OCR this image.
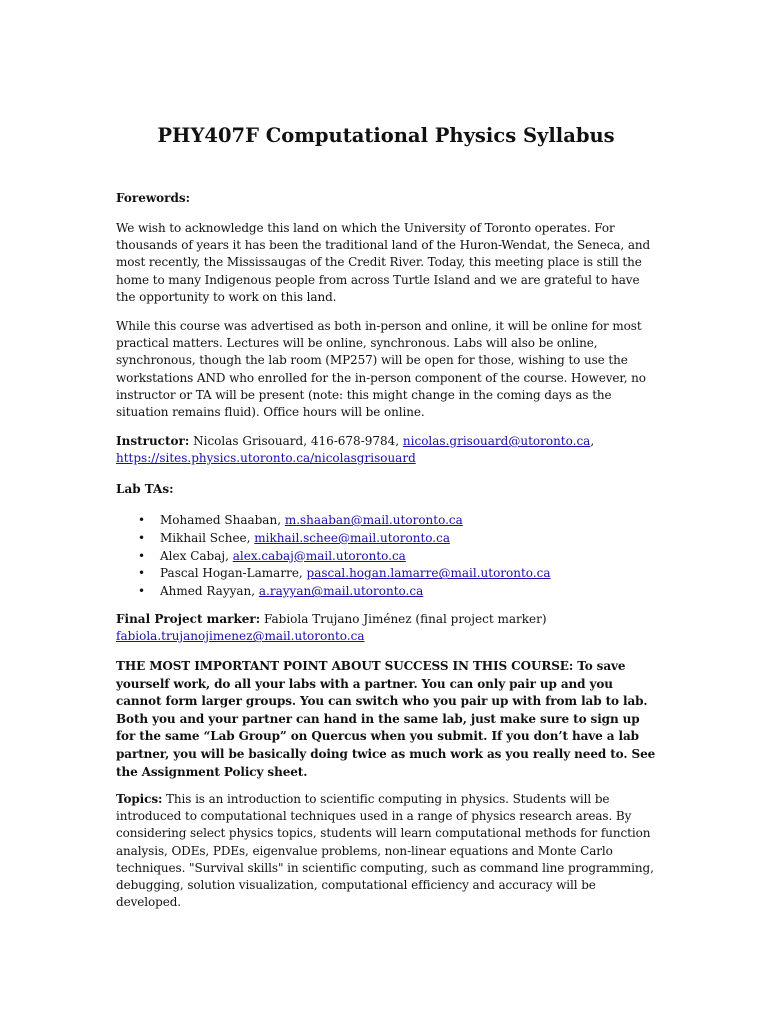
PHY407F Computational Physics Syllabus

Forewords:

We wish to acknowledge this land on which the University of Toronto operates. For thousands of years it has been the traditional land of the Huron-Wendat, the Seneca, and most recently, the Mississaugas of the Credit River. Today, this meeting place is still the home to many Indigenous people from across Turtle Island and we are grateful to have the opportunity to work on this land.

While this course was advertised as both in-person and online, it will be online for most practical matters. Lectures will be online, synchronous. Labs will also be online, synchronous, though the lab room (MP257) will be open for those, wishing to use the workstations AND who enrolled for the in-person component of the course. However, no instructor or TA will be present (note: this might change in the coming days as the situation remains fluid). Office hours will be online.

Instructor: Nicolas Grisouard, 416-678-9784, nicolas.grisouard@utoronto.ca,
https://sites.physics.utoronto.ca/nicolasgrisouard

Lab TAs:

• Mohamed Shaaban, m.shaaban@mail.utoronto.ca
• Mikhail Schee, mikhail.schee@mail.utoronto.ca
• Alex Cabaj, alex.cabaj@mail.utoronto.ca
• Pascal Hogan-Lamarre, pascal.hogan.lamarre@mail.utoronto.ca
• Ahmed Rayyan, a.rayyan@mail.utoronto.ca

Final Project marker: Fabiola Trujano Jiménez (final project marker)
fabiola.trujanojimenez@mail.utoronto.ca

THE MOST IMPORTANT POINT ABOUT SUCCESS IN THIS COURSE: To save yourself work, do all your labs with a partner. You can only pair up and you cannot form larger groups. You can switch who you pair up with from lab to lab. Both you and your partner can hand in the same lab, just make sure to sign up for the same “Lab Group” on Quercus when you submit. If you don’t have a lab partner, you will be basically doing twice as much work as you really need to. See the Assignment Policy sheet.

Topics: This is an introduction to scientific computing in physics. Students will be introduced to computational techniques used in a range of physics research areas. By considering select physics topics, students will learn computational methods for function analysis, ODEs, PDEs, eigenvalue problems, non-linear equations and Monte Carlo techniques. "Survival skills" in scientific computing, such as command line programming, debugging, solution visualization, computational efficiency and accuracy will be developed.
